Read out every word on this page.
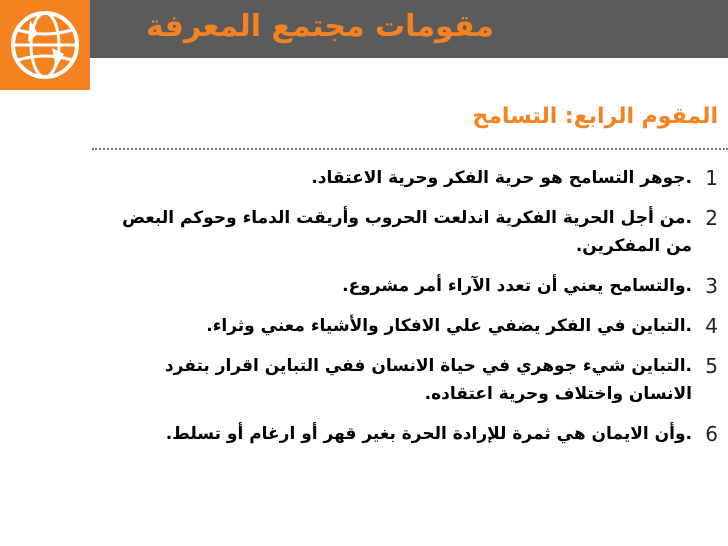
مقومات مجتمع المعرفة
المقوم الرابع: التسامح
1
.جوهر التسامح هو حرية الفكر وحرية الاعتقاد.
2
.من أجل الحرية الفكرية اندلعت الحروب وأريقت الدماء وحوكم البعض من المفكرين.
3
.والتسامح يعني أن تعدد الآراء أمر مشروع.
4
.التباين في الفكر يضفي علي الافكار والأشياء معني وثراء.
5
.التباين شيء جوهري في حياة الانسان ففي التباين اقرار بتفرد الانسان واختلاف وحرية اعتقاده.
6
.وأن الايمان هي ثمرة للإرادة الحرة بغير قهر أو ارغام أو تسلط.
